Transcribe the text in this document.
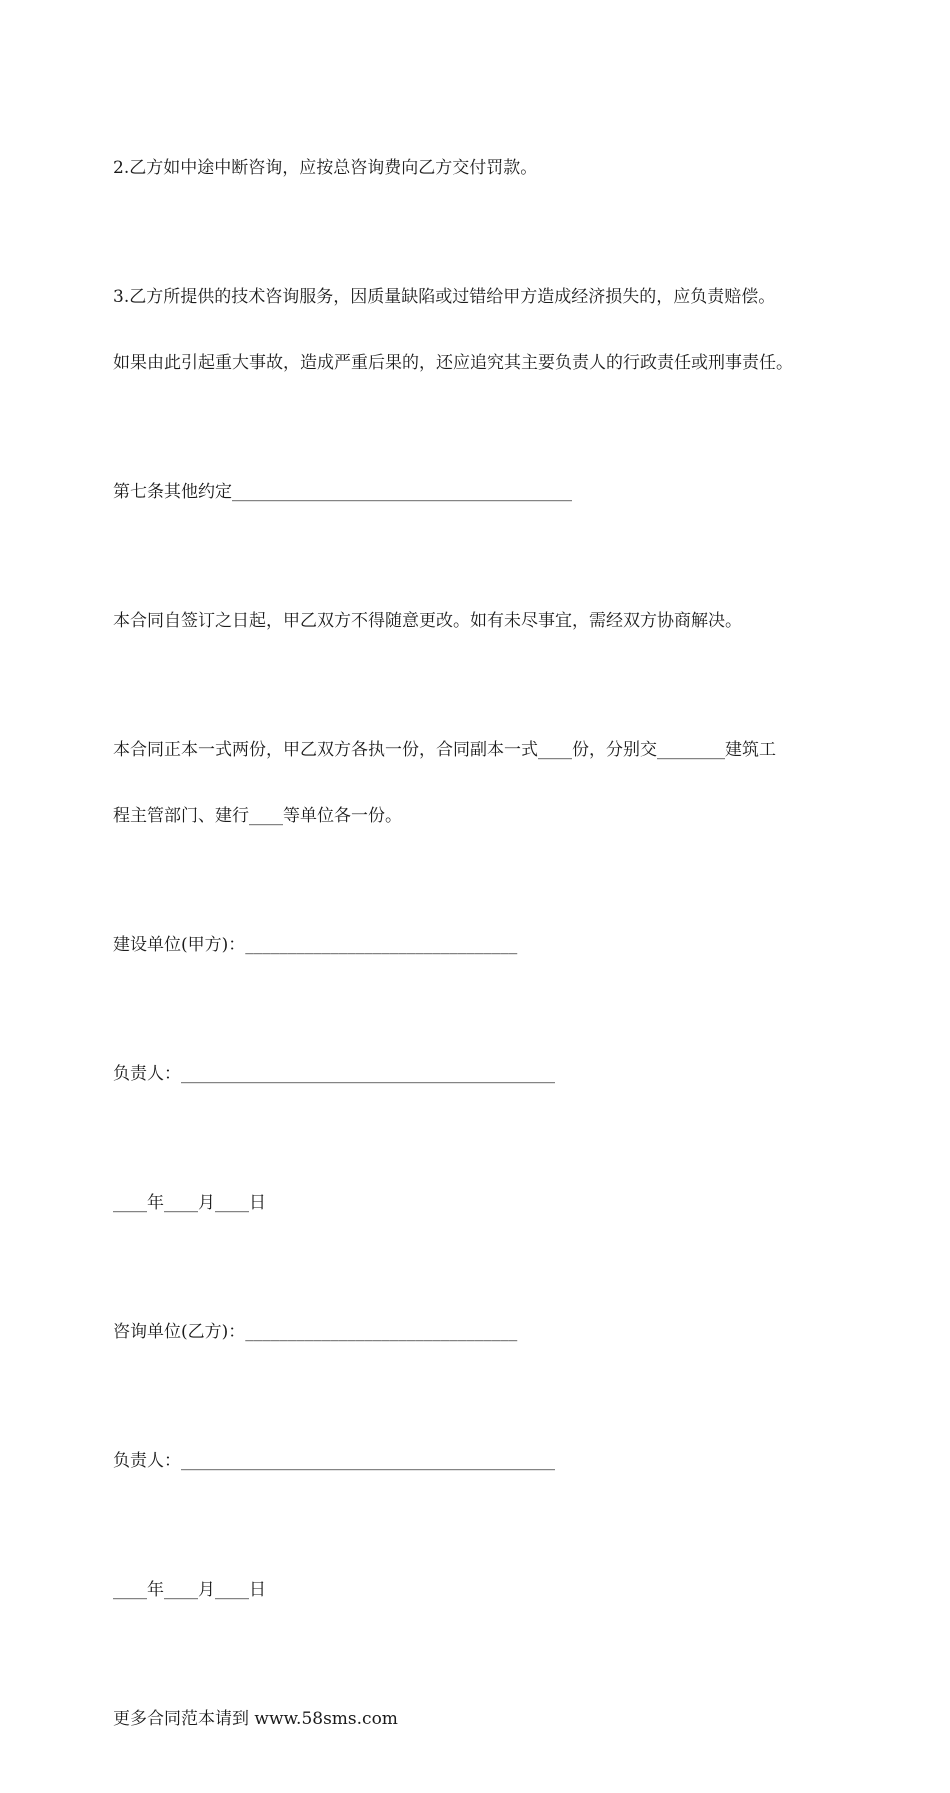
2.乙方如中途中断咨询，应按总咨询费向乙方交付罚款。

3.乙方所提供的技术咨询服务，因质量缺陷或过错给甲方造成经济损失的，应负责赔偿。

如果由此引起重大事故，造成严重后果的，还应追究其主要负责人的行政责任或刑事责任。

第七条其他约定________________________________________

本合同自签订之日起，甲乙双方不得随意更改。如有未尽事宜，需经双方协商解决。

本合同正本一式两份，甲乙双方各执一份，合同副本一式____份，分别交________建筑工

程主管部门、建行____等单位各一份。

建设单位(甲方)：________________________________

负责人：____________________________________________

____年____月____日

咨询单位(乙方)：________________________________

负责人：____________________________________________

____年____月____日

更多合同范本请到 www.58sms.com
